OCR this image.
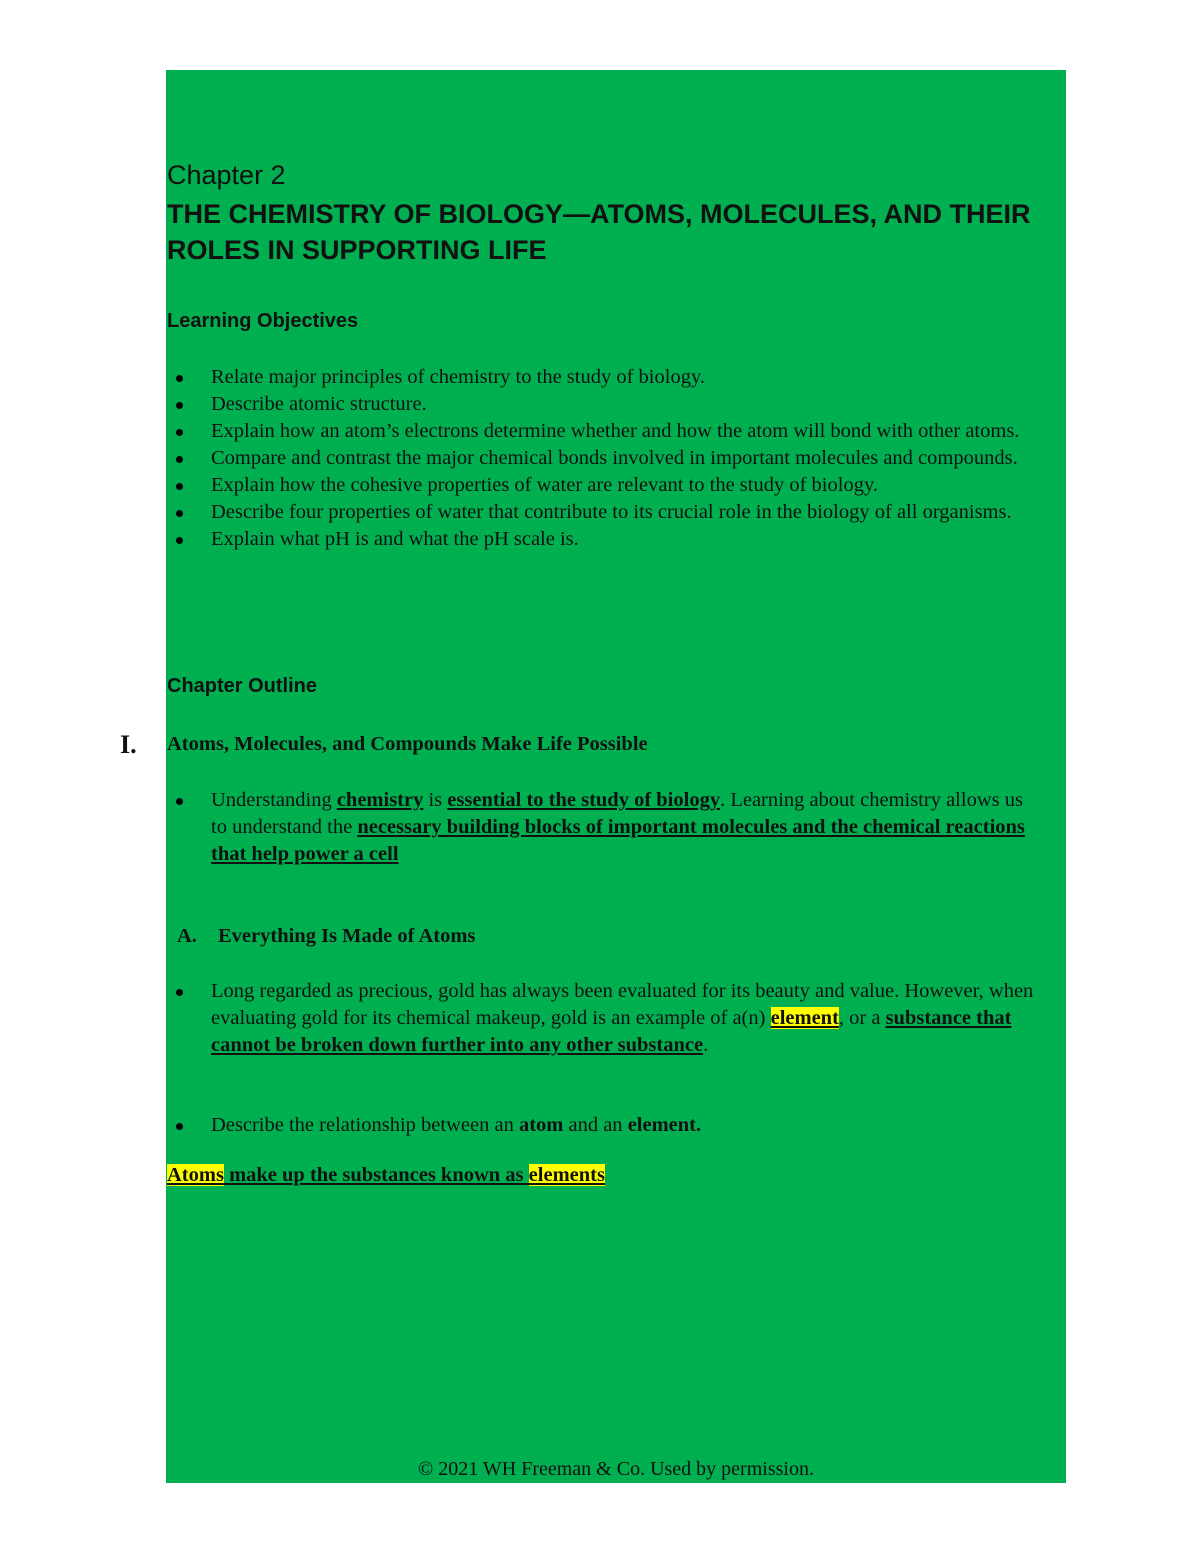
Chapter 2
THE CHEMISTRY OF BIOLOGY—ATOMS, MOLECULES, AND THEIR ROLES IN SUPPORTING LIFE
Learning Objectives
Relate major principles of chemistry to the study of biology.
Describe atomic structure.
Explain how an atom’s electrons determine whether and how the atom will bond with other atoms.
Compare and contrast the major chemical bonds involved in important molecules and compounds.
Explain how the cohesive properties of water are relevant to the study of biology.
Describe four properties of water that contribute to its crucial role in the biology of all organisms.
Explain what pH is and what the pH scale is.
Chapter Outline
I. Atoms, Molecules, and Compounds Make Life Possible
Understanding chemistry is essential to the study of biology. Learning about chemistry allows us to understand the necessary building blocks of important molecules and the chemical reactions that help power a cell
A. Everything Is Made of Atoms
Long regarded as precious, gold has always been evaluated for its beauty and value. However, when evaluating gold for its chemical makeup, gold is an example of a(n) element, or a substance that cannot be broken down further into any other substance.
Describe the relationship between an atom and an element.
Atoms make up the substances known as elements
© 2021 WH Freeman & Co. Used by permission.
